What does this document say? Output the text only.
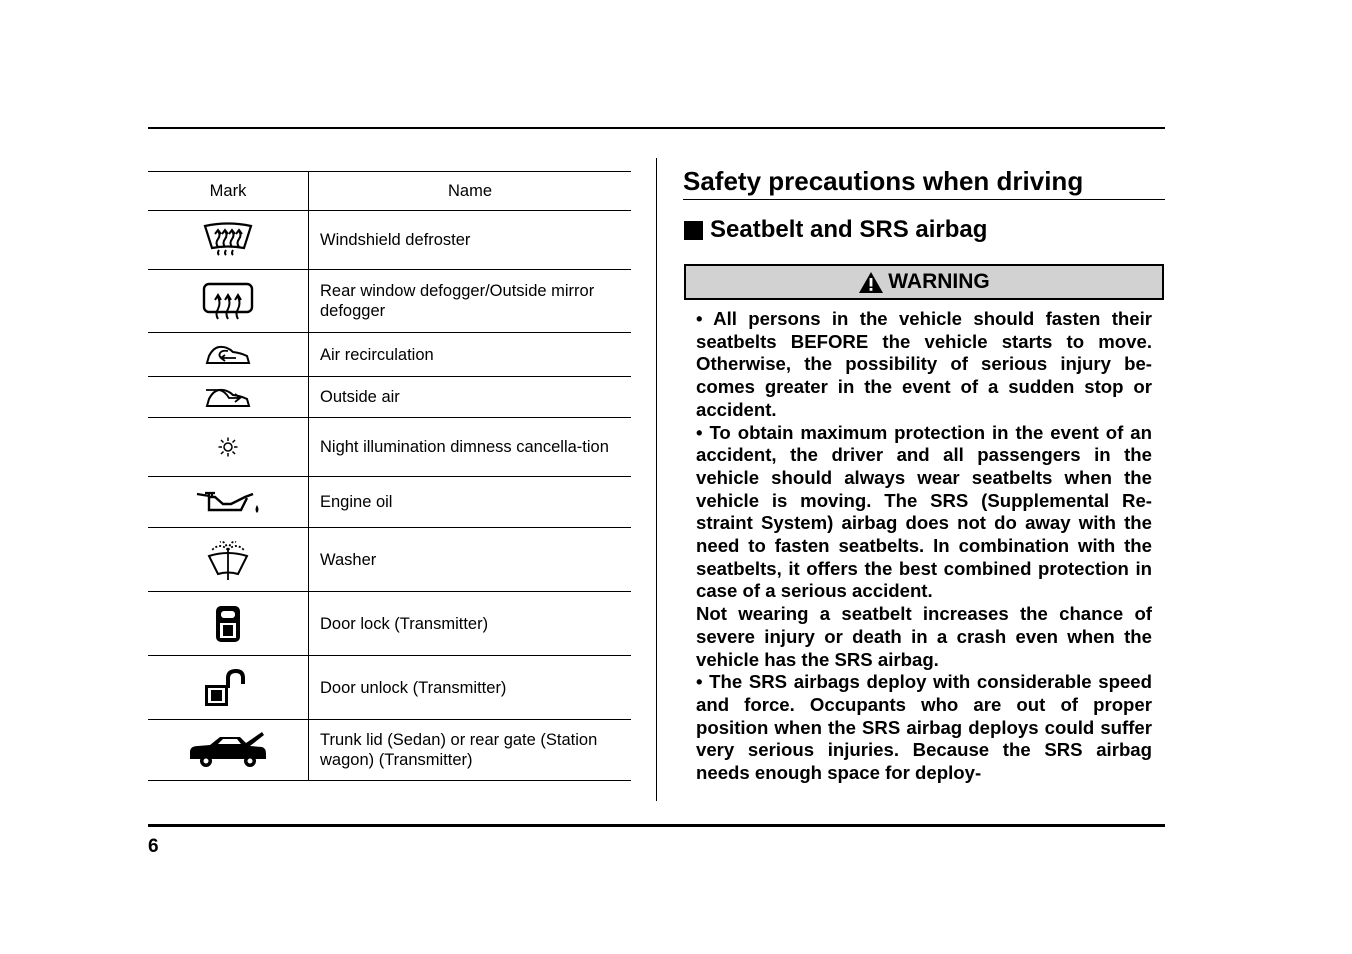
Mark	Name

	Windshield defroster

	Rear window defogger/Outside mirror defogger

	Air recirculation

	Outside air

	Night illumination dimness cancella-tion

	Engine oil

	Washer

	Door lock (Transmitter)

	Door unlock (Transmitter)

	Trunk lid (Sedan) or rear gate (Station wagon) (Transmitter)
Safety precautions when driving
Seatbelt and SRS airbag
WARNING

• All persons in the vehicle should fasten their seatbelts BEFORE the vehicle starts to move. Otherwise, the possibility of serious injury be-comes greater in the event of a sudden stop or accident.

• To obtain maximum protection in the event of an accident, the driver and all passengers in the vehicle should always wear seatbelts when the vehicle is moving. The SRS (Supplemental Re-straint System) airbag does not do away with the need to fasten seatbelts. In combination with the seatbelts, it offers the best combined protection in case of a serious accident.

Not wearing a seatbelt increases the chance of severe injury or death in a crash even when the vehicle has the SRS airbag.

• The SRS airbags deploy with considerable speed and force. Occupants who are out of proper position when the SRS airbag deploys could suffer very serious injuries. Because the SRS airbag needs enough space for deploy-

6
